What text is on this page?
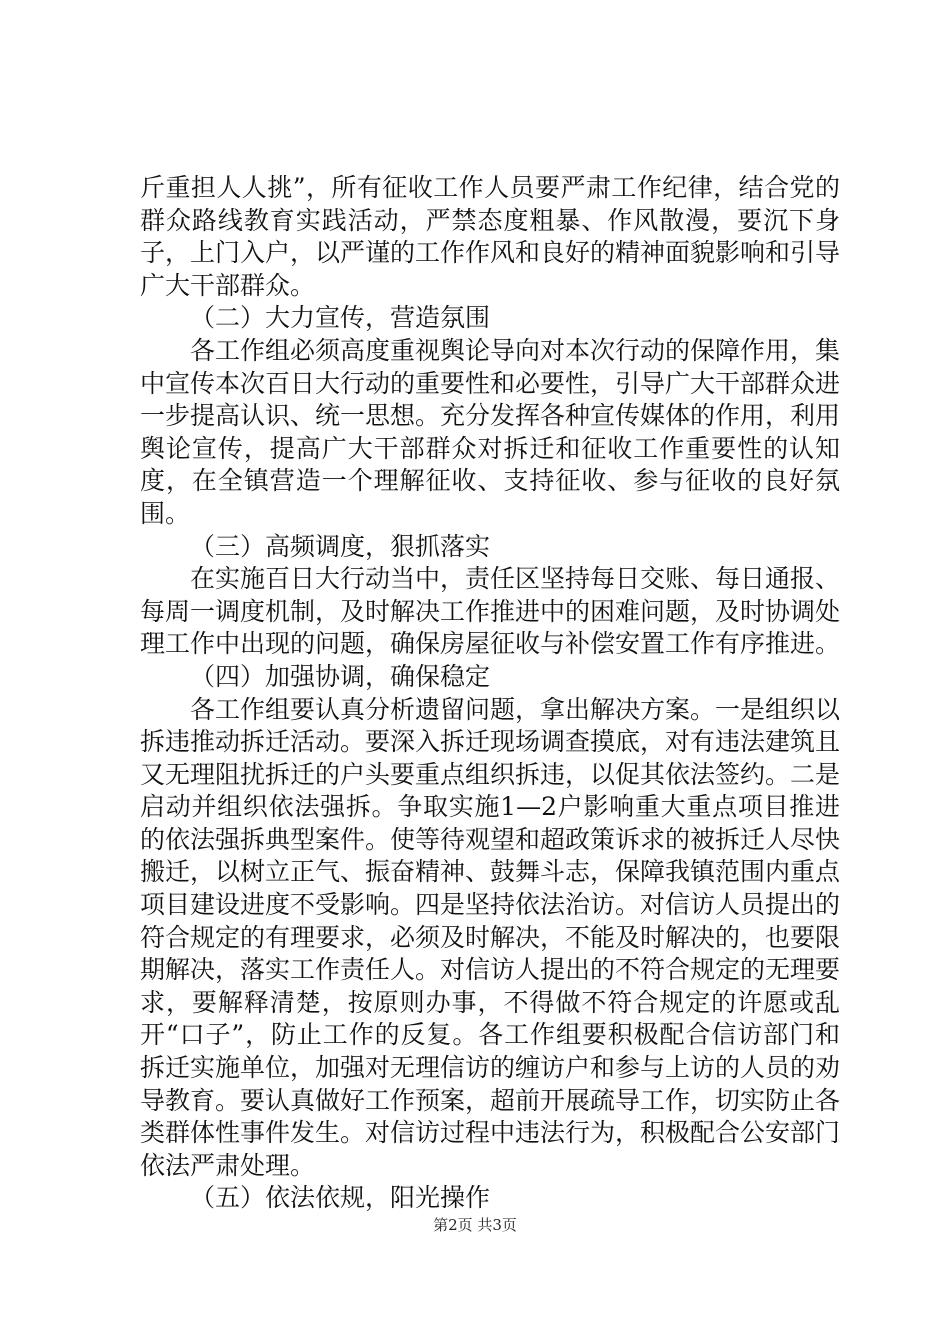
斤重担人人挑”，所有征收工作人员要严肃工作纪律，结合党的群众路线教育实践活动，严禁态度粗暴、作风散漫，要沉下身子，上门入户，以严谨的工作作风和良好的精神面貌影响和引导广大干部群众。

（二）大力宣传，营造氛围

各工作组必须高度重视舆论导向对本次行动的保障作用，集中宣传本次百日大行动的重要性和必要性，引导广大干部群众进一步提高认识、统一思想。充分发挥各种宣传媒体的作用，利用舆论宣传，提高广大干部群众对拆迁和征收工作重要性的认知度，在全镇营造一个理解征收、支持征收、参与征收的良好氛围。

（三）高频调度，狠抓落实

在实施百日大行动当中，责任区坚持每日交账、每日通报、每周一调度机制，及时解决工作推进中的困难问题，及时协调处理工作中出现的问题，确保房屋征收与补偿安置工作有序推进。

（四）加强协调，确保稳定

各工作组要认真分析遗留问题，拿出解决方案。一是组织以拆违推动拆迁活动。要深入拆迁现场调查摸底，对有违法建筑且又无理阻扰拆迁的户头要重点组织拆违，以促其依法签约。二是启动并组织依法强拆。争取实施1—2户影响重大重点项目推进的依法强拆典型案件。使等待观望和超政策诉求的被拆迁人尽快搬迁，以树立正气、振奋精神、鼓舞斗志，保障我镇范围内重点项目建设进度不受影响。四是坚持依法治访。对信访人员提出的符合规定的有理要求，必须及时解决，不能及时解决的，也要限期解决，落实工作责任人。对信访人提出的不符合规定的无理要求，要解释清楚，按原则办事，不得做不符合规定的许愿或乱开“口子”，防止工作的反复。各工作组要积极配合信访部门和拆迁实施单位，加强对无理信访的缠访户和参与上访的人员的劝导教育。要认真做好工作预案，超前开展疏导工作，切实防止各类群体性事件发生。对信访过程中违法行为，积极配合公安部门依法严肃处理。

（五）依法依规，阳光操作

第2页 共3页
